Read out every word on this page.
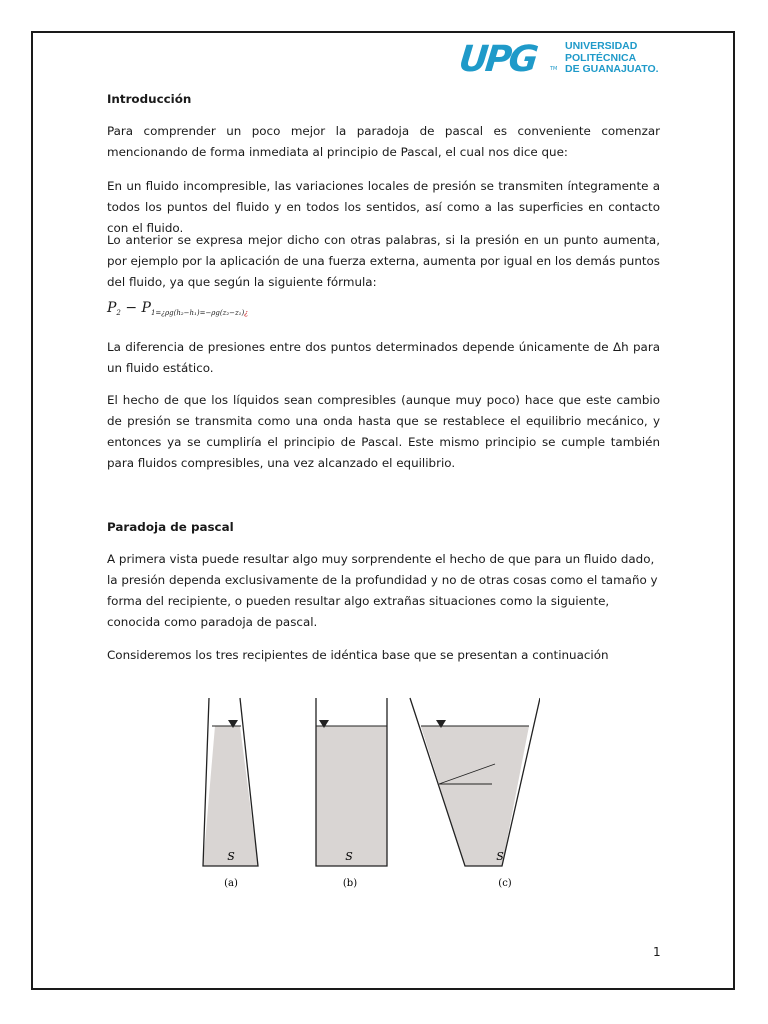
UPG	TM
UNIVERSIDAD
POLITÉCNICA
DE GUANAJUATO.
Introducción

Para comprender un poco mejor la paradoja de pascal es conveniente comenzar mencionando de forma inmediata al principio de Pascal, el cual nos dice que:

En un fluido incompresible, las variaciones locales de presión se transmiten íntegramente a todos los puntos del fluido y en todos los sentidos, así como a las superficies en contacto con el fluido.

Lo anterior se expresa mejor dicho con otras palabras, si la presión en un punto aumenta, por ejemplo por la aplicación de una fuerza externa, aumenta por igual en los demás puntos del fluido, ya que según la siguiente fórmula:

$P_2 - P_{1=¿\rho g(h_2-h_1)=-\rho g(z_2-z_1)¿}$

La diferencia de presiones entre dos puntos determinados depende únicamente de Δh para un fluido estático.

El hecho de que los líquidos sean compresibles (aunque muy poco) hace que este cambio de presión se transmita como una onda hasta que se restablece el equilibrio mecánico, y entonces ya se cumpliría el principio de Pascal. Este mismo principio se cumple también para fluidos compresibles, una vez alcanzado el equilibrio.

Paradoja de pascal

A primera vista puede resultar algo muy sorprendente el hecho de que para un fluido dado, la presión dependa exclusivamente de la profundidad y no de otras cosas como el tamaño y forma del recipiente, o pueden resultar algo extrañas situaciones como la siguiente, conocida como paradoja de pascal.

Consideremos los tres recipientes de idéntica base que se presentan a continuación

S
(a)
S
(b)
S
(c)
1
